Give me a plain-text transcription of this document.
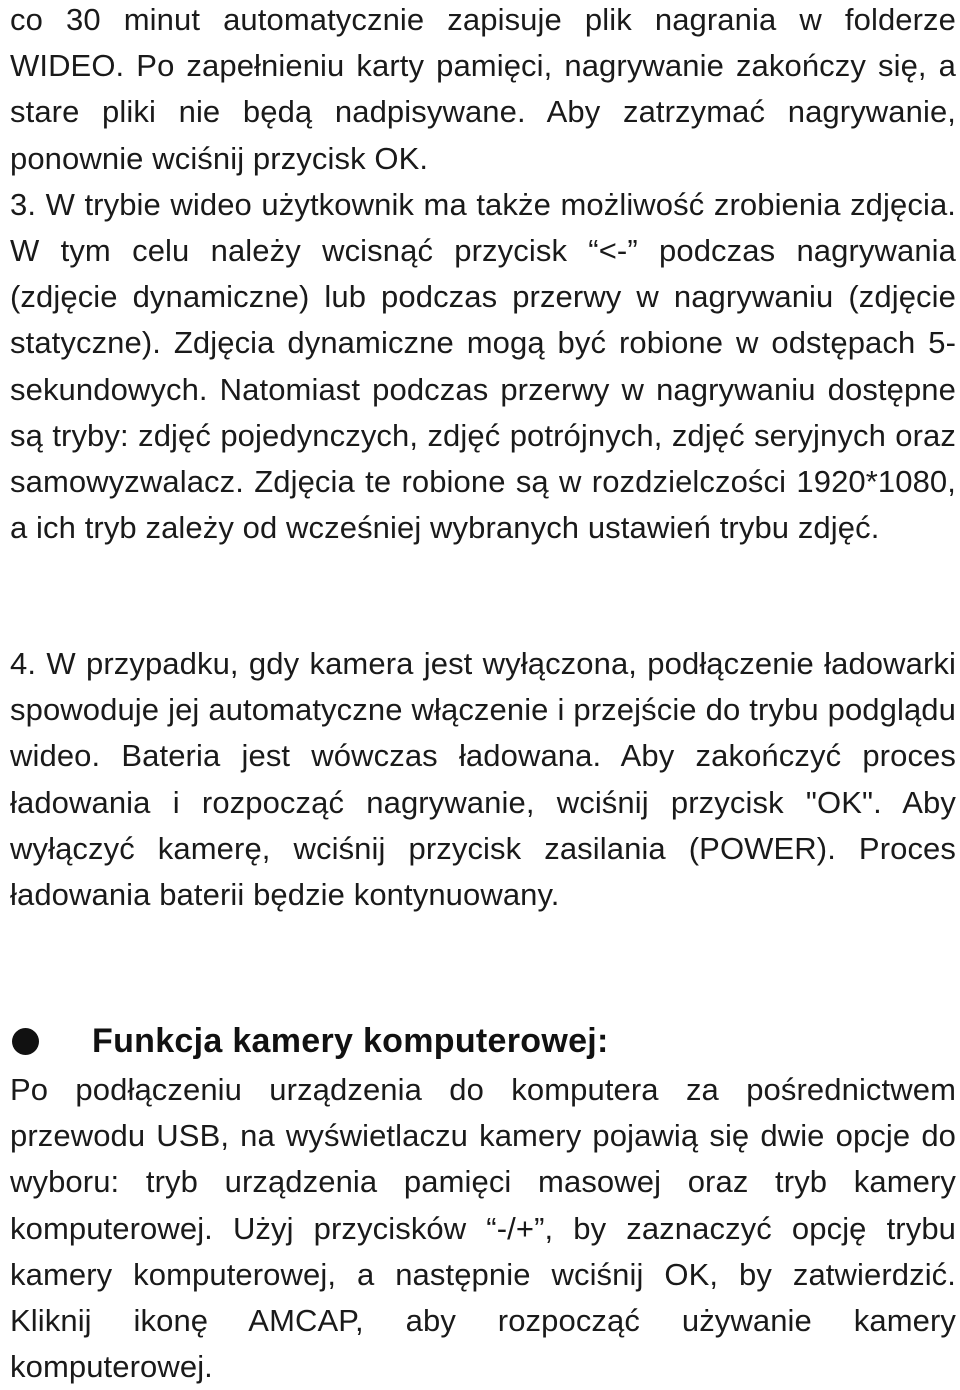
co 30 minut automatycznie zapisuje plik nagrania w folderze WIDEO. Po zapełnieniu karty pamięci, nagrywanie zakończy się, a stare pliki nie będą nadpisywane. Aby zatrzymać nagrywanie, ponownie wciśnij przycisk OK.
3. W trybie wideo użytkownik ma także możliwość zrobienia zdjęcia. W tym celu należy wcisnąć przycisk “<-” podczas nagrywania (zdjęcie dynamiczne) lub podczas przerwy w nagrywaniu (zdjęcie statyczne). Zdjęcia dynamiczne mogą być robione w odstępach 5-sekundowych. Natomiast podczas przerwy w nagrywaniu dostępne są tryby: zdjęć pojedynczych, zdjęć potrójnych, zdjęć seryjnych oraz samowyzwalacz. Zdjęcia te robione są w rozdzielczości 1920*1080, a ich tryb zależy od wcześniej wybranych ustawień trybu zdjęć.

4. W przypadku, gdy kamera jest wyłączona, podłączenie ładowarki spowoduje jej automatyczne włączenie i przejście do trybu podglądu wideo. Bateria jest wówczas ładowana. Aby zakończyć proces ładowania i rozpocząć nagrywanie, wciśnij przycisk "OK". Aby wyłączyć kamerę, wciśnij przycisk zasilania (POWER). Proces ładowania baterii będzie kontynuowany.

Funkcja kamery komputerowej:

Po podłączeniu urządzenia do komputera za pośrednictwem przewodu USB, na wyświetlaczu kamery pojawią się dwie opcje do wyboru: tryb urządzenia pamięci masowej oraz tryb kamery komputerowej. Użyj przycisków “-/+”, by zaznaczyć opcję trybu kamery komputerowej, a następnie wciśnij OK, by zatwierdzić. Kliknij ikonę AMCAP, aby rozpocząć używanie kamery komputerowej.
